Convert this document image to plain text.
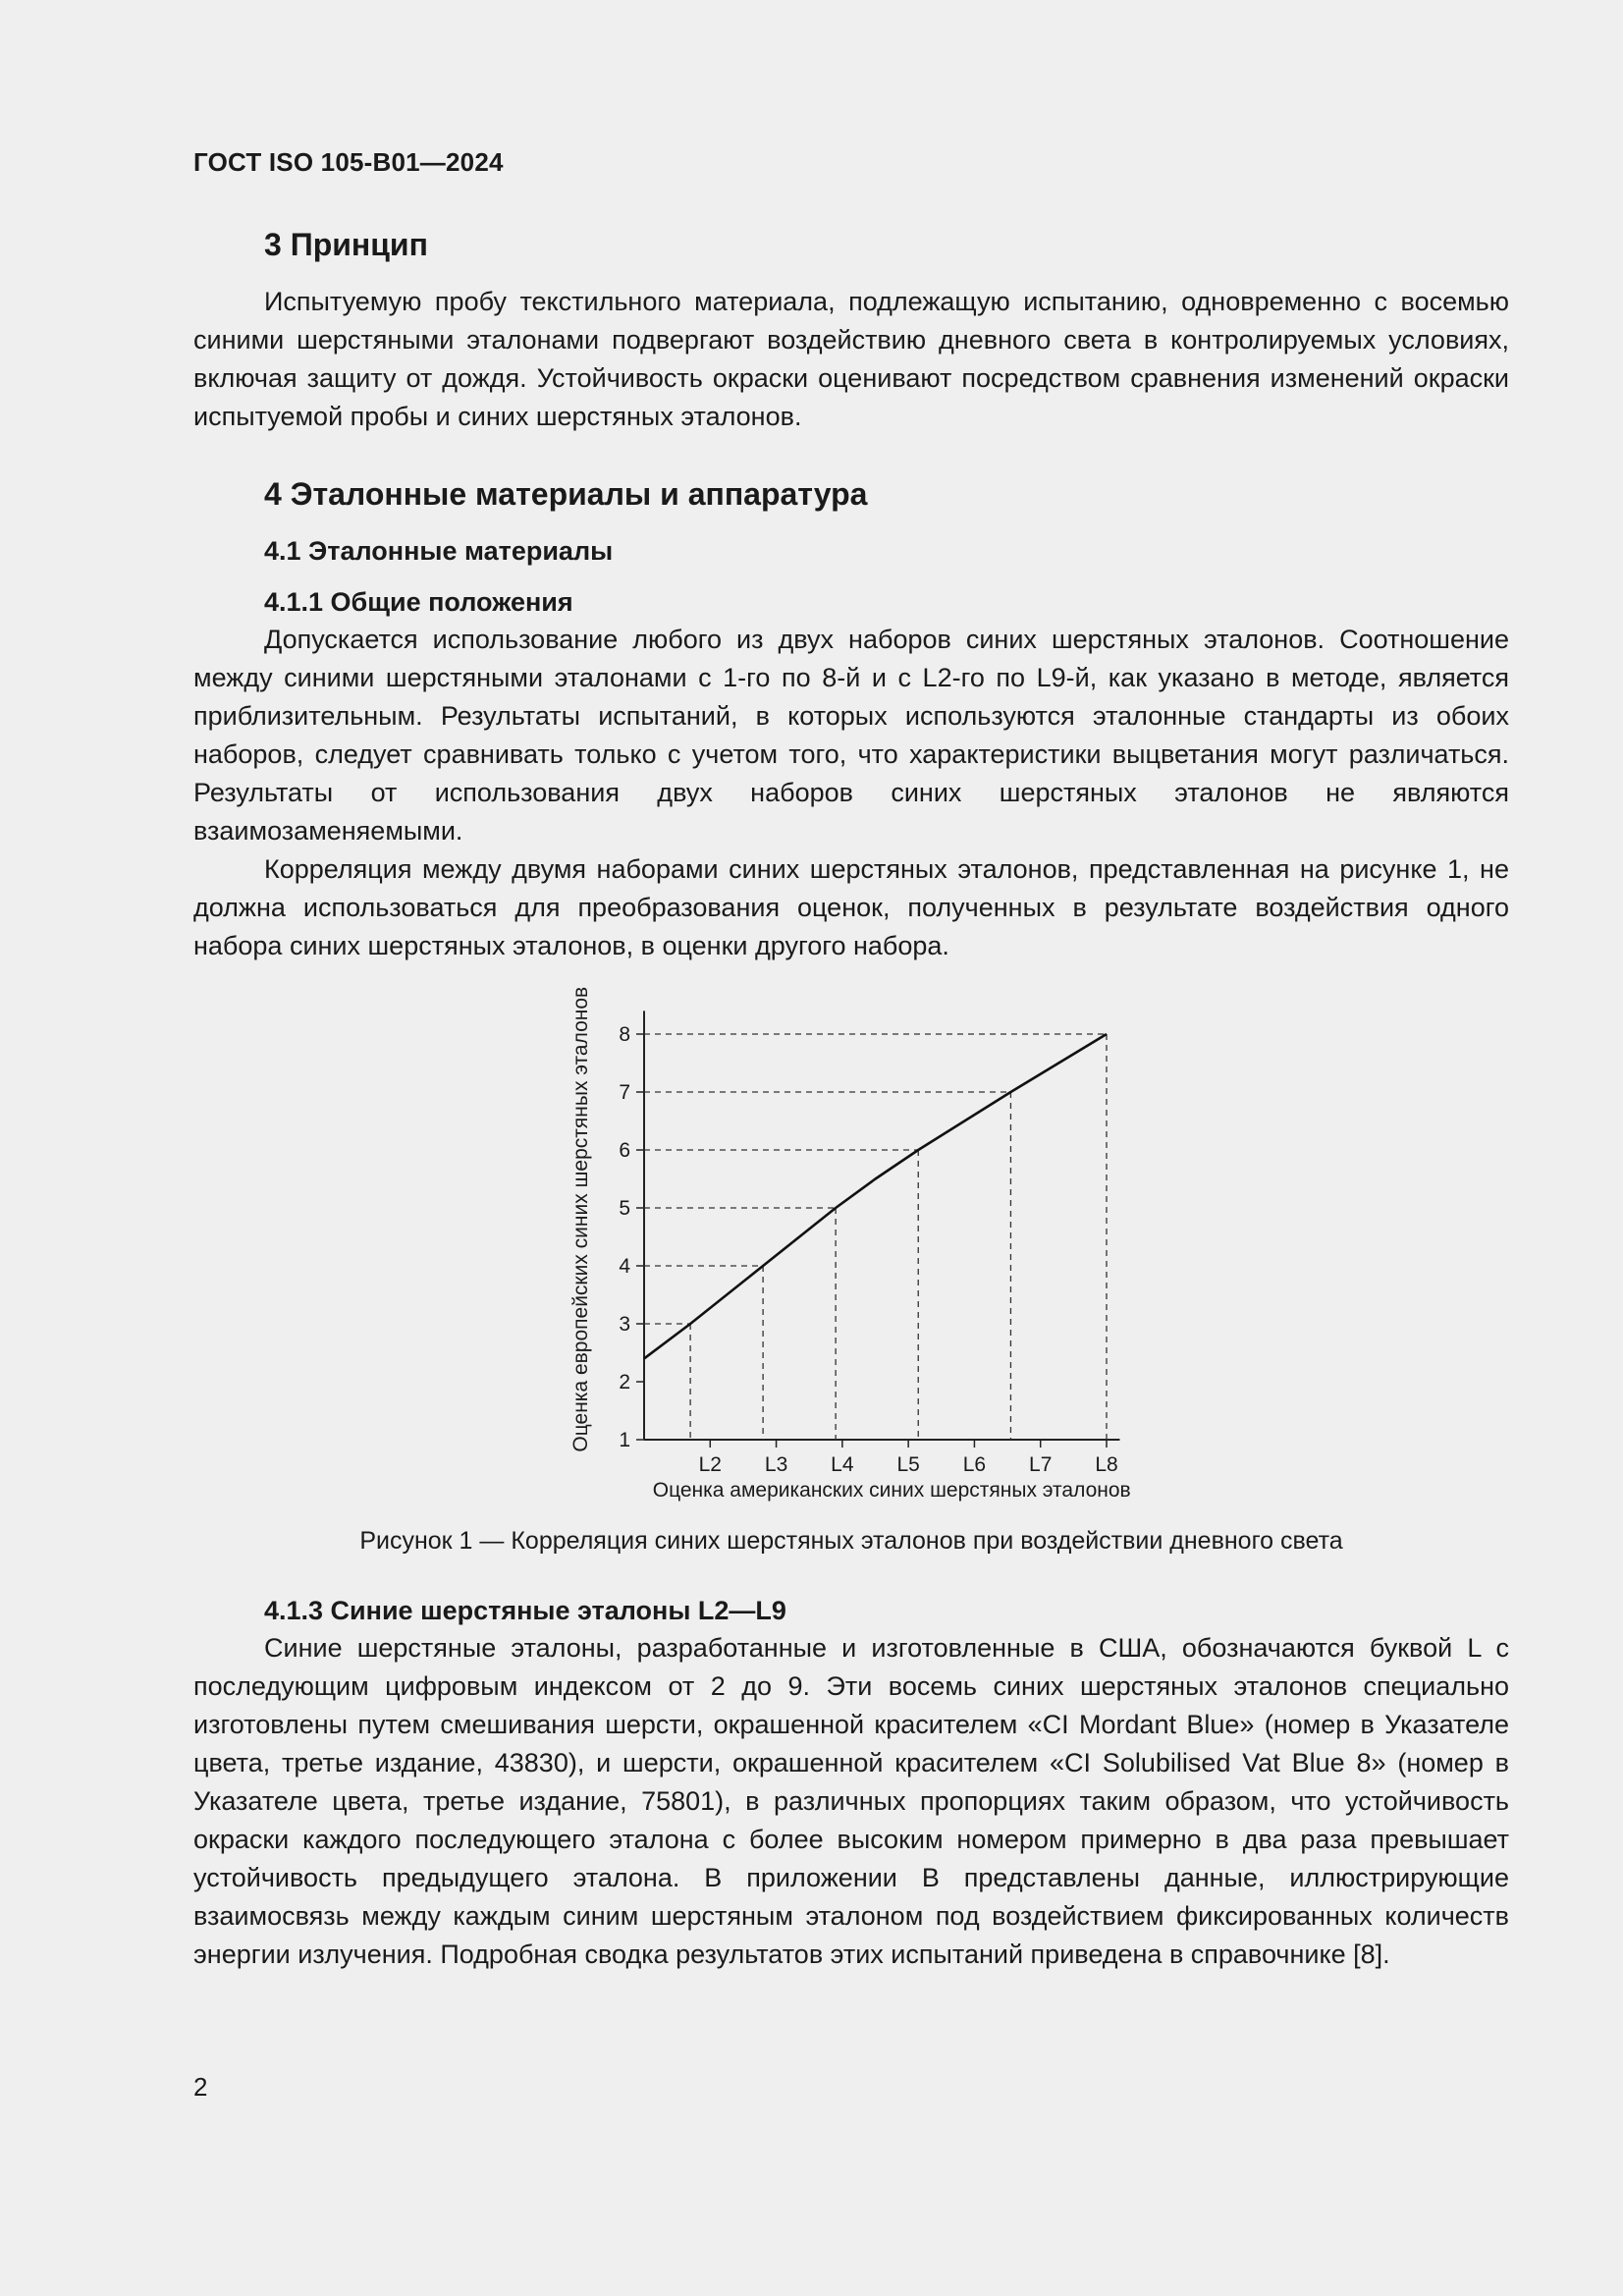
ГОСТ ISO 105-B01—2024
3 Принцип

Испытуемую пробу текстильного материала, подлежащую испытанию, одновременно с восемью синими шерстяными эталонами подвергают воздействию дневного света в контролируемых условиях, включая защиту от дождя. Устойчивость окраски оценивают посредством сравнения изменений окраски испытуемой пробы и синих шерстяных эталонов.

4 Эталонные материалы и аппаратура
4.1 Эталонные материалы
4.1.1 Общие положения

Допускается использование любого из двух наборов синих шерстяных эталонов. Соотношение между синими шерстяными эталонами с 1-го по 8-й и с L2-го по L9-й, как указано в методе, является приблизительным. Результаты испытаний, в которых используются эталонные стандарты из обоих наборов, следует сравнивать только с учетом того, что характеристики выцветания могут различаться. Результаты от использования двух наборов синих шерстяных эталонов не являются взаимозаменяемыми.

Корреляция между двумя наборами синих шерстяных эталонов, представленная на рисунке 1, не должна использоваться для преобразования оценок, полученных в результате воздействия одного набора синих шерстяных эталонов, в оценки другого набора.

1
2
3
4
5
6
7
8
L2 L3 L4 L5 L6 L7 L8
Оценка американских синих шерстяных эталонов
Оценка европейских синих шерстяных эталонов
Рисунок 1 — Корреляция синих шерстяных эталонов при воздействии дневного света
4.1.3 Синие шерстяные эталоны L2—L9

Синие шерстяные эталоны, разработанные и изготовленные в США, обозначаются буквой L с последующим цифровым индексом от 2 до 9. Эти восемь синих шерстяных эталонов специально изготовлены путем смешивания шерсти, окрашенной красителем «CI Mordant Blue» (номер в Указателе цвета, третье издание, 43830), и шерсти, окрашенной красителем «CI Solubilised Vat Blue 8» (номер в Указателе цвета, третье издание, 75801), в различных пропорциях таким образом, что устойчивость окраски каждого последующего эталона с более высоким номером примерно в два раза превышает устойчивость предыдущего эталона. В приложении В представлены данные, иллюстрирующие взаимосвязь между каждым синим шерстяным эталоном под воздействием фиксированных количеств энергии излучения. Подробная сводка результатов этих испытаний приведена в справочнике [8].

2
